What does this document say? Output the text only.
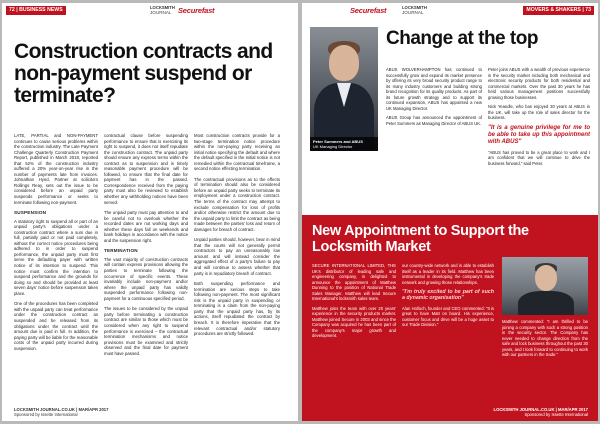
72 | BUSINESS NEWS	LOCKSMITH
JOURNAL Securefast
Construction contracts and non-payment suspend or terminate?

LATE, PARTIAL and NON-PAYMENT continues to cause serious problems within the construction industry. The Late Payment Challenge Quarterly Construction Payment Report, published in March 2018, reported that 52% of the construction industry suffered a 20% year-on-year rise in the number of payments late from invoices. Johnathan Hynd, Partner at solicitors Rollings Reay, sets out the issue to be considered before an unpaid party suspends performance or seeks to terminate following non-payment.

SUSPENSION

A statutory right to suspend all or part of an unpaid party's obligations under a construction contract where a sum due in full, partially paid or not paid completely, without the correct notice procedures being adhered to in order to suspend performance, the unpaid party must first serve the defaulting payer with written notice of its intention to suspend. This notice must confirm the intention to suspend performance and the grounds for doing so and should be provided at least seven days' notice before suspension takes place.

One of the procedures has been completed with the unpaid party can treat performance under the construction contract as suspended and be released from its obligations under the contract until the amount due is paid in full. In addition, the paying party will be liable for the reasonable costs of the unpaid party incurred during suspension.

contractual clause before suspending performance to ensure that is exercising its right to suspend, it does not itself repudiate the construction contract. The unpaid party should ensure any express terms within the contract as to suspension and is timely reasonable payment procedure will be followed, to ensure that the final date for payment has in the passed. Correspondence received from the paying party must also be reviewed to establish whether any withholding notices have been served.

The unpaid party must pay attention to and be careful not to overlook whether the recorded dates are not working days and whether these days fall on weekends and bank holidays in accordance with the notice and the suspension right.

TERMINATION

The vast majority of construction contracts will contain express provisions allowing the parties to terminate following the occurrence of specific events. These invariably include non-payment and/or where the unpaid party has validly suspended performance following non-payment for a continuous specified period.

The issues to be considered by the unpaid party before terminating a construction contract are similar to those which must be considered when any right to suspend performance is exercised – the contractual termination mechanisms and notice provisions must be examined and strictly observed and the final date for payment must have passed.

Most construction contracts provide for a two-stage termination notice procedure within the non-paying party receiving an initial notice specifying the default and where the default specified in the initial notice is not remedied within the contractual timeframe, a second notice effecting termination.

The contractual provisions as to the effects of termination should also be considered before an unpaid party seeks to terminate its employment under a construction contract. The terms of the contract may attempt to exclude compensation for loss of profits and/or otherwise restrict the amount due to the unpaid party to limit the contract as being made between the parties' loss and return of damages for breach of contract.

Unpaid parties should, however, bear in mind that the courts will not generally permit contractors to pay an unreasonably low amount and will instead consider the aggregated effect of a party's failure to pay and will continue to assess whether that party is in repudiatory breach of contract.

Both suspending performance and termination are serious steps to take following non-payment. The most significant risk is the unpaid party in suspending or terminating is a claim from the non-paying party that the unpaid party has, by its actions, itself repudiated the contract by breach. It is therefore imperative that the relevant contractual and/or statutory procedures are strictly followed.

LOCKSMITH JOURNAL.CO.UK | MAR/APR 2017
Sponsored by Issette International
Securefast	LOCKSMITH
JOURNAL	MOVERS & SHAKERS | 73
Peter Summers and ABUS
UK Managing Director
Change at the top

ABUS WOLVERHAMPTON has continued to successfully grow and expand its market presence by offering its very broad security product range to its many industry customers and building strong brand recognition for its quality products. As part of its future growth strategy and to support its continued expansion, ABUS has appointed a new UK Managing Director.

ABUS Group has announced the appointment of Peter Summers as Managing Director of ABUS UK.

Peter joins ABUS with a wealth of previous experience in the security market including both mechanical and electronic security products for both residential and commercial markets. Over the past 30 years he has held various management positions successfully growing those businesses.

Nick Yeandle, who has enjoyed 30 years at ABUS in the UK, will take up the role of sales director for the business.

"It is a genuine privilege for me to be able to take up this appointment with ABUS"

"ABUS has proved to be a great place to work and I am confident that we will continue to drive the business forward," said Peter.

New Appointment to Support the Locksmith Market

SECURE INTERNATIONAL LIMITED, THE UK's distributor of leading safe and engineering company, is delighted to announce the appointment of Matthew Dunning to the position of National Trade Sales Manager. Matthew will lead Secure International's locksmith sales team.

Matthew joins the team with over 20 years' experience in the security products market. Matthew joined Secure in 2003 and since the Company was acquired he has been part of the company's major growth and development.

our country-wide network and is able to establish itself as a leader in its field. Matthew has been instrumental in developing the company's trade network and growing those relationships.

"I'm truly excited to be part of such a dynamic organisation"

Alan Holloch, founder and CEO commented: "It is great to have Matt on board. His experience, customer focus and drive will be a huge asset to our Trade Division."

Matthew commented: "I am thrilled to be joining a company with such a strong position in the security sector. The Company has never needed to change direction from the safe and lock business throughout the past 30 years, and I look forward to continuing to work with our partners in the trade."

LOCKSMITH JOURNAL.CO.UK | MAR/APR 2017
Sponsored by Issette International
